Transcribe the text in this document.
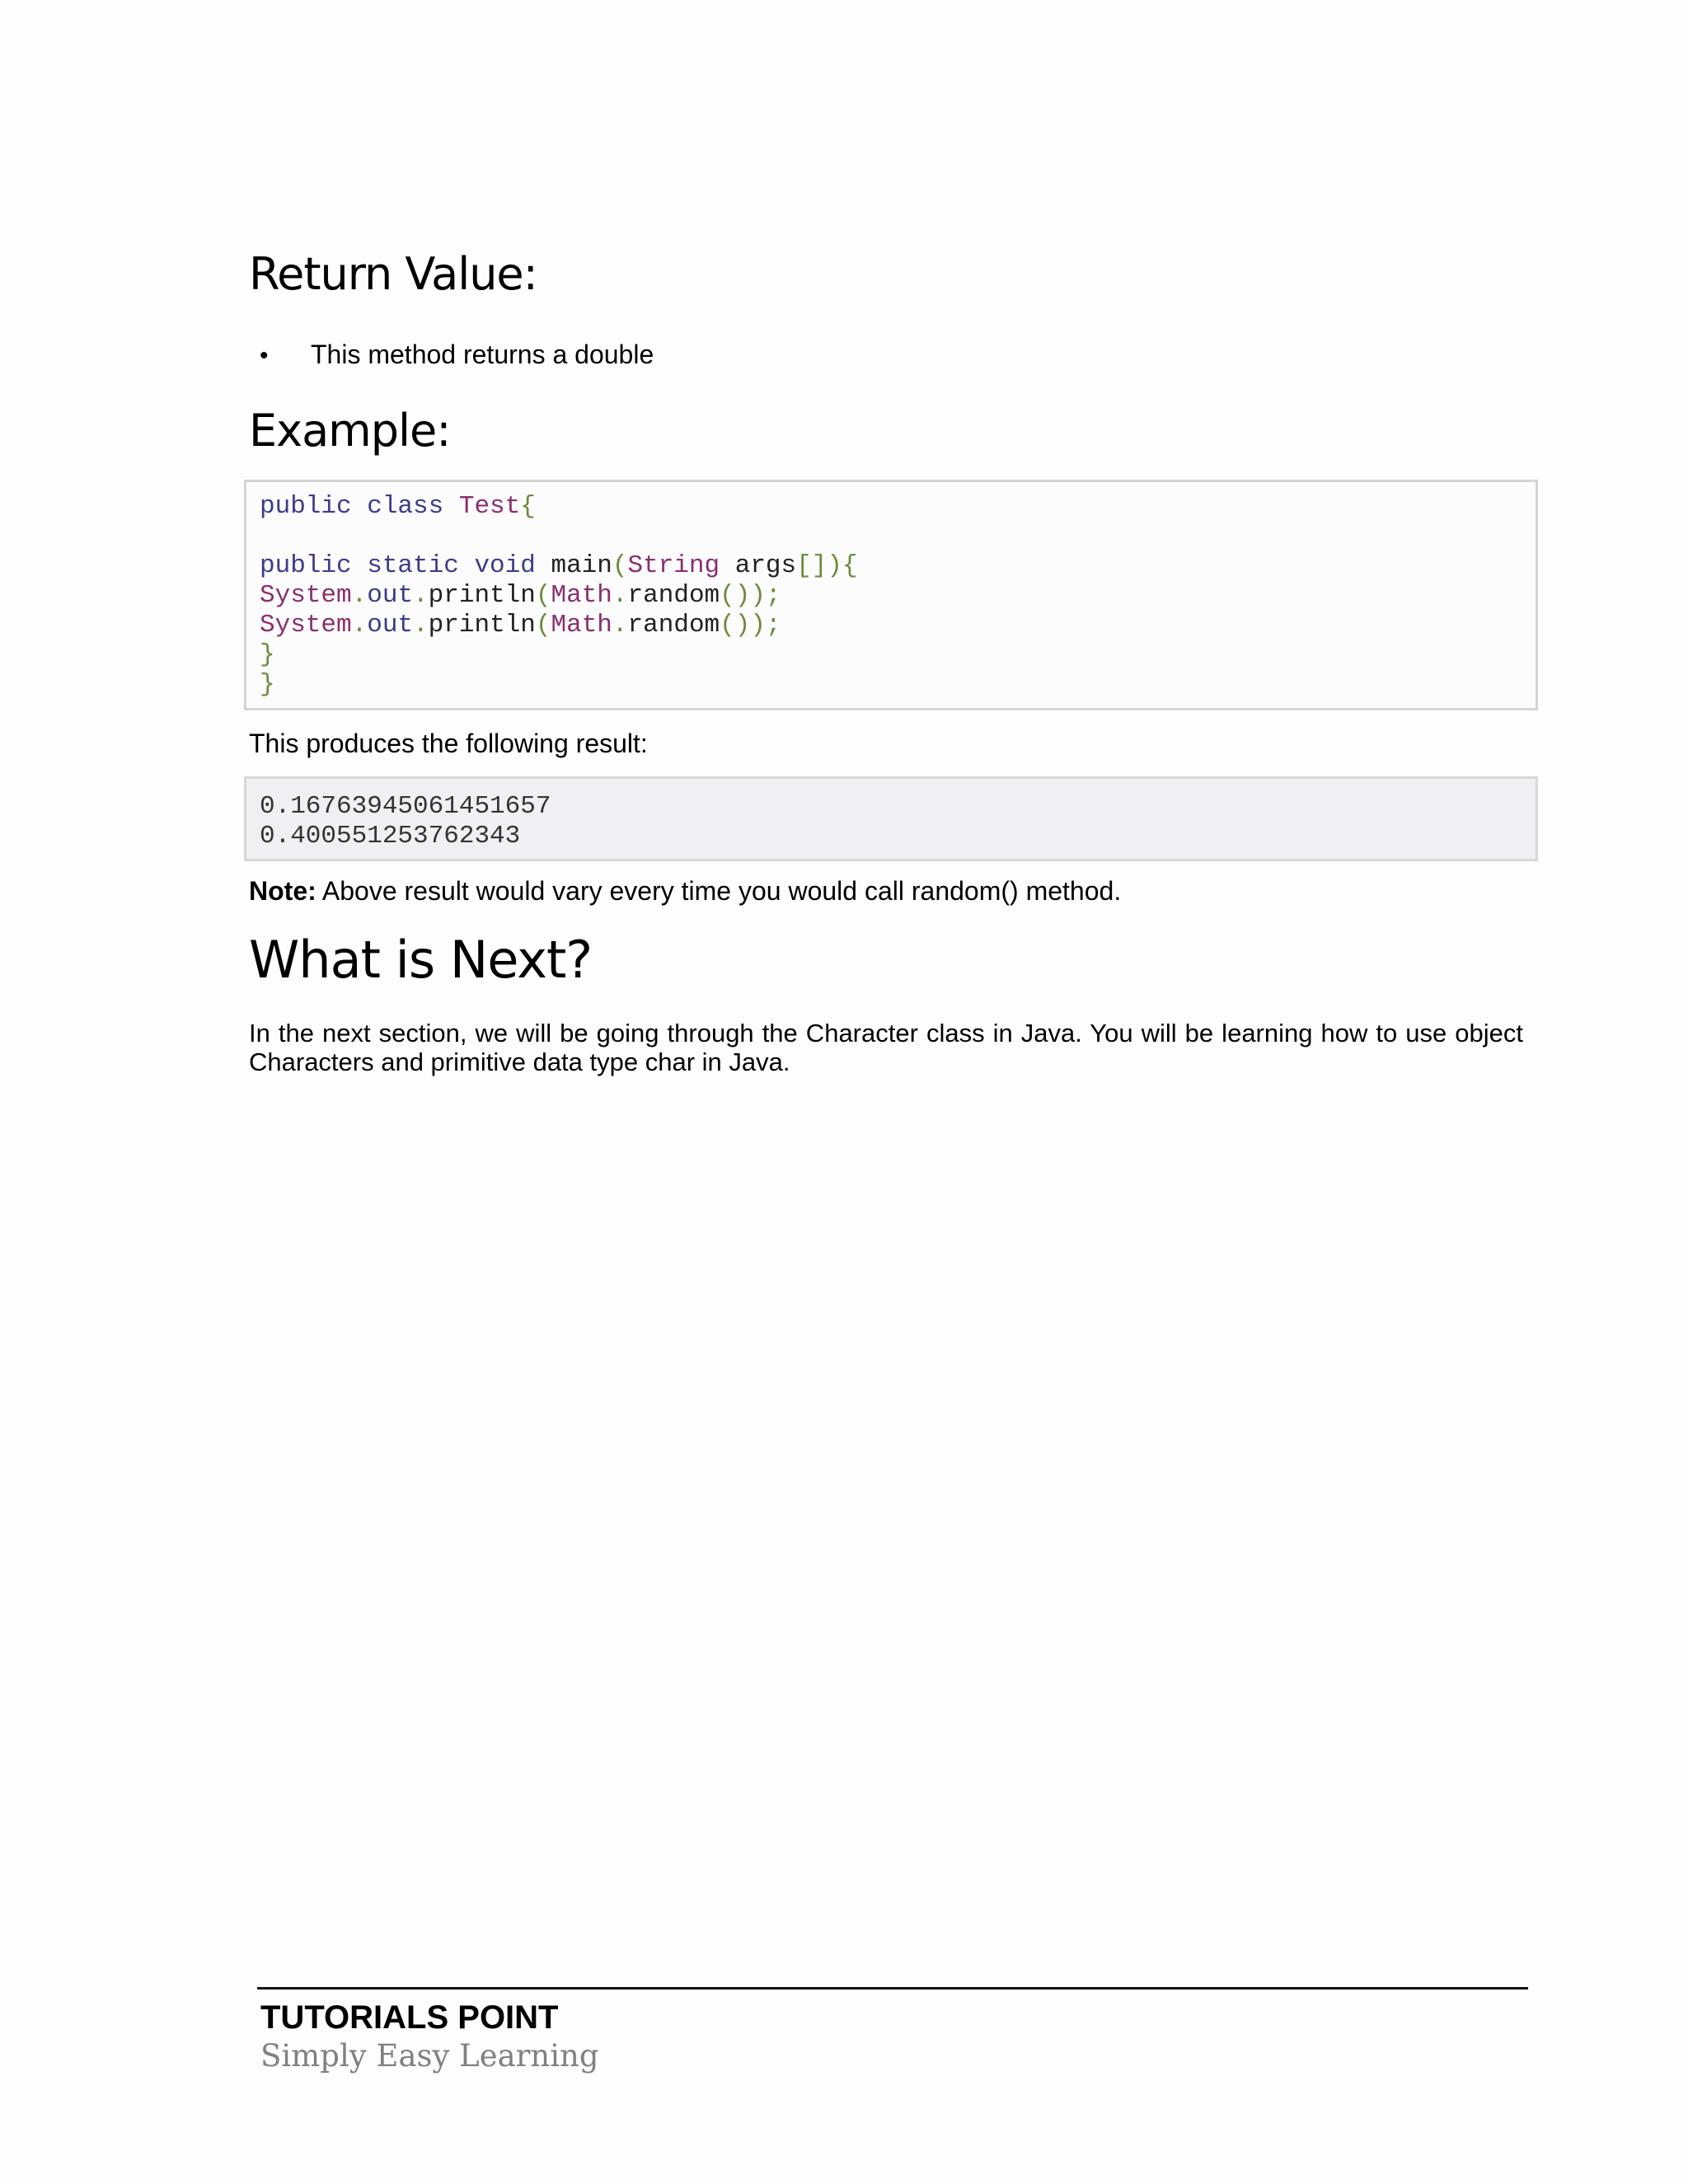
Return Value:
• This method returns a double
Example:
public class Test{

public static void main(String args[]){
System.out.println(Math.random());
System.out.println(Math.random());
}
}
This produces the following result:
0.16763945061451657
0.400551253762343
Note: Above result would vary every time you would call random() method.
What is Next?
In the next section, we will be going through the Character class in Java. You will be learning how to use object Characters and primitive data type char in Java.
TUTORIALS POINT
Simply Easy Learning
